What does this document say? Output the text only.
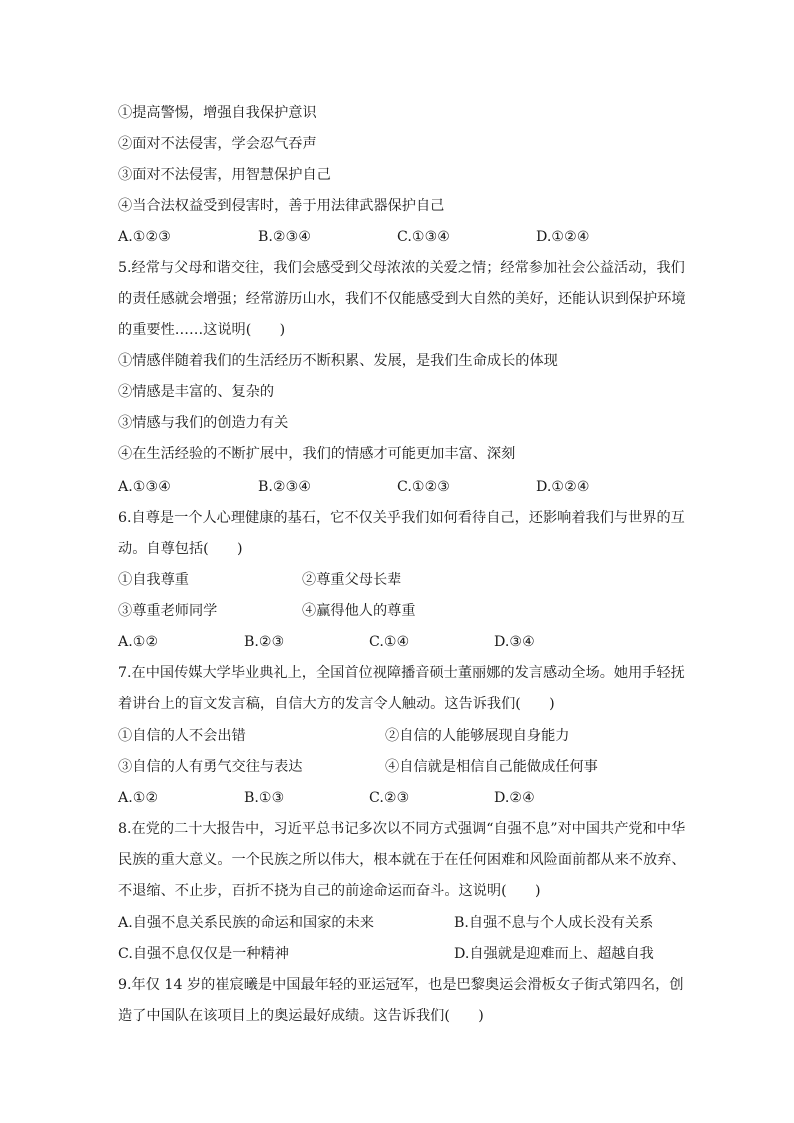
①提高警惕，增强自我保护意识
②面对不法侵害，学会忍气吞声
③面对不法侵害，用智慧保护自己
④当合法权益受到侵害时，善于用法律武器保护自己
A.①②③	B.②③④	C.①③④	D.①②④
5.经常与父母和谐交往，我们会感受到父母浓浓的关爱之情；经常参加社会公益活动，我们
的责任感就会增强；经常游历山水，我们不仅能感受到大自然的美好，还能认识到保护环境
的重要性……这说明(　　)
①情感伴随着我们的生活经历不断积累、发展，是我们生命成长的体现
②情感是丰富的、复杂的
③情感与我们的创造力有关
④在生活经验的不断扩展中，我们的情感才可能更加丰富、深刻
A.①③④	B.②③④	C.①②③	D.①②④
6.自尊是一个人心理健康的基石，它不仅关乎我们如何看待自己，还影响着我们与世界的互
动。自尊包括(　　)
①自我尊重	②尊重父母长辈
③尊重老师同学	④赢得他人的尊重
A.①②	B.②③	C.①④	D.③④
7.在中国传媒大学毕业典礼上，全国首位视障播音硕士董丽娜的发言感动全场。她用手轻抚
着讲台上的盲文发言稿，自信大方的发言令人触动。这告诉我们(　　)
①自信的人不会出错	②自信的人能够展现自身能力
③自信的人有勇气交往与表达	④自信就是相信自己能做成任何事
A.①②	B.①③	C.②③	D.②④
8.在党的二十大报告中，习近平总书记多次以不同方式强调“自强不息”对中国共产党和中华
民族的重大意义。一个民族之所以伟大，根本就在于在任何困难和风险面前都从来不放弃、
不退缩、不止步，百折不挠为自己的前途命运而奋斗。这说明(　　)
A.自强不息关系民族的命运和国家的未来	B.自强不息与个人成长没有关系
C.自强不息仅仅是一种精神	D.自强就是迎难而上、超越自我
9.年仅 14 岁的崔宸曦是中国最年轻的亚运冠军，也是巴黎奥运会滑板女子街式第四名，创
造了中国队在该项目上的奥运最好成绩。这告诉我们(　　)
